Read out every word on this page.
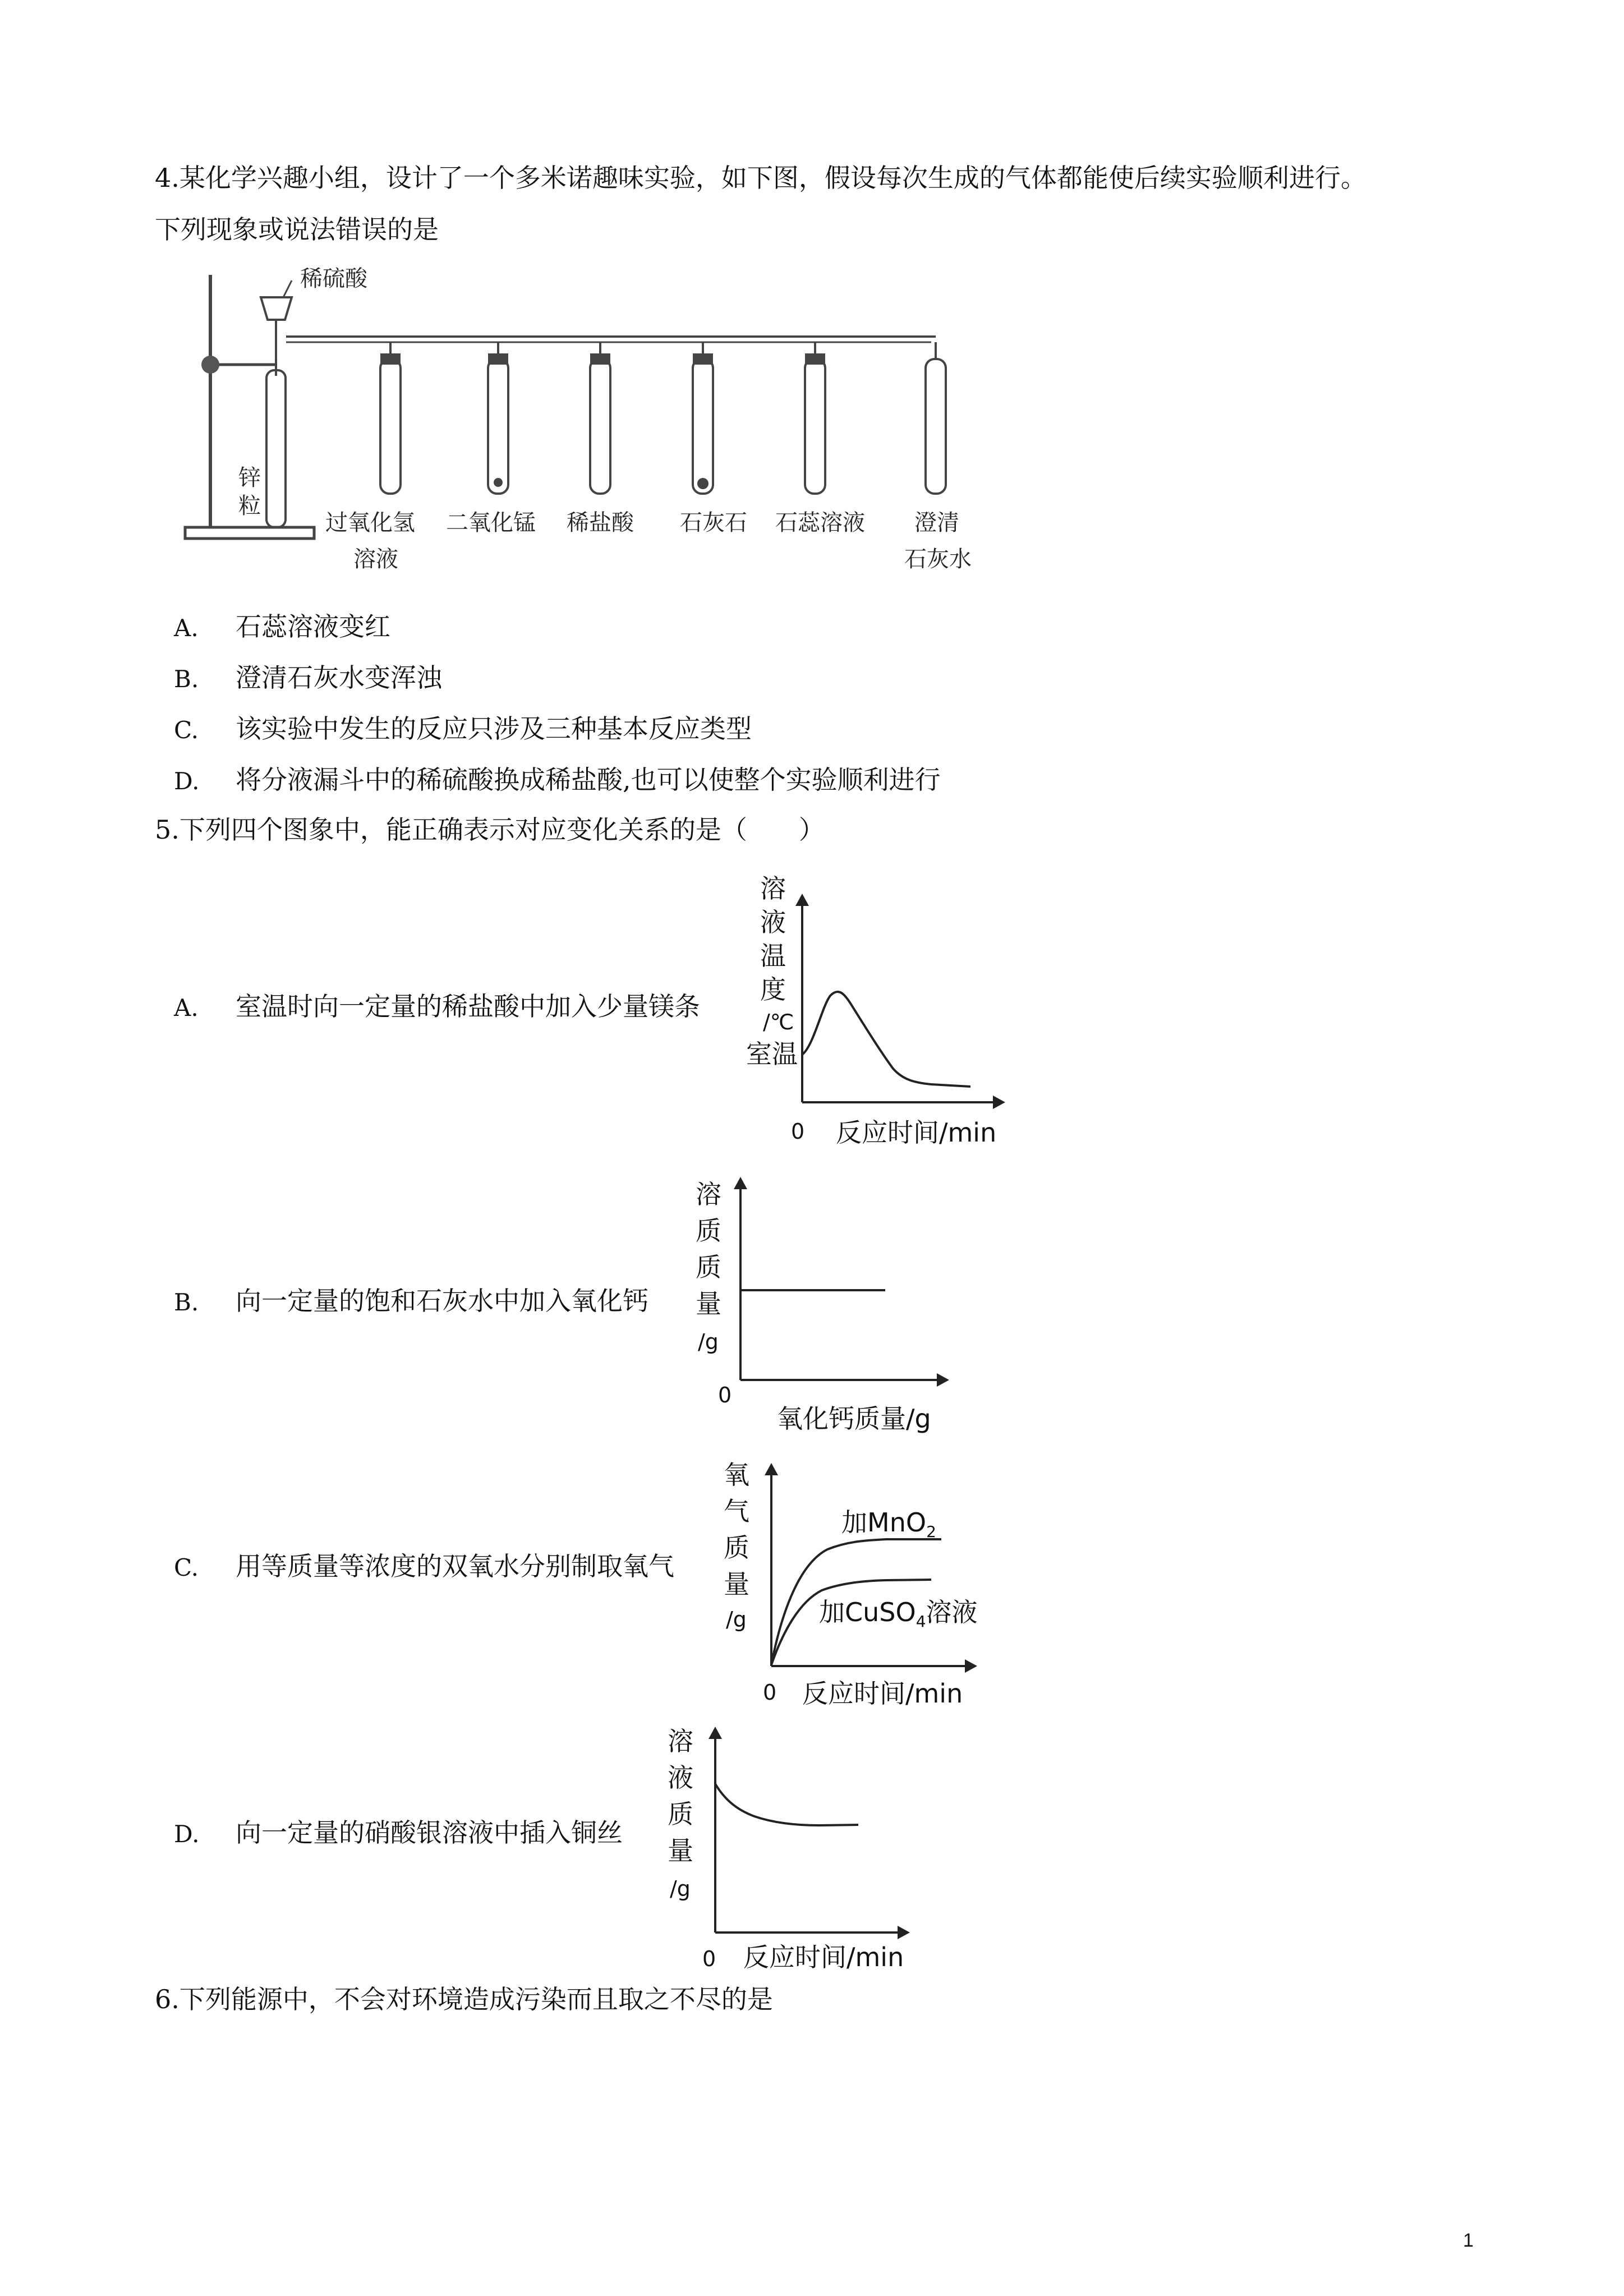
4.某化学兴趣小组，设计了一个多米诺趣味实验，如下图，假设每次生成的气体都能使后续实验顺利进行。
下列现象或说法错误的是
稀硫酸
锌
粒
过氧化氢
溶液
二氧化锰 稀盐酸 石灰石 石蕊溶液 澄清
石灰水
A. 石蕊溶液变红
B. 澄清石灰水变浑浊
C. 该实验中发生的反应只涉及三种基本反应类型
D. 将分液漏斗中的稀硫酸换成稀盐酸,也可以使整个实验顺利进行
5.下列四个图象中，能正确表示对应变化关系的是（　　）
A. 室温时向一定量的稀盐酸中加入少量镁条
溶
液
温
度
/℃
室温
0 反应时间/min
B. 向一定量的饱和石灰水中加入氧化钙
溶
质
质
量
/g
0
氧化钙质量/g
C. 用等质量等浓度的双氧水分别制取氧气
氧
气
质
量
/g
0 反应时间/min
加MnO$_2$
加CuSO$_4$溶液
D. 向一定量的硝酸银溶液中插入铜丝
溶
液
质
量
/g
0 反应时间/min
6.下列能源中，不会对环境造成污染而且取之不尽的是
1
